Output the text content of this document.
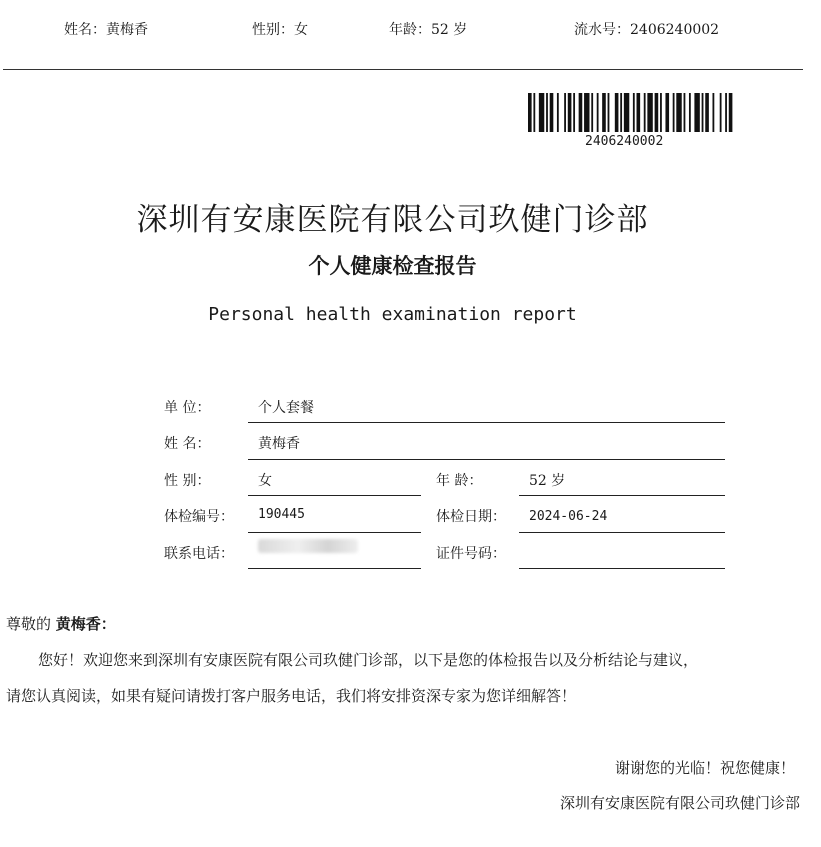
姓名：黄梅香	性别：女	年龄：52 岁	流水号：2406240002
2406240002
深圳有安康医院有限公司玖健门诊部
个人健康检查报告
Personal health examination report
单 位：	个人套餐
姓 名：	黄梅香
性 别：	女	年 龄：	52 岁
体检编号： 190445	体检日期： 2024-06-24
联系电话：	证件号码：
尊敬的 黄梅香：
您好！欢迎您来到深圳有安康医院有限公司玖健门诊部，以下是您的体检报告以及分析结论与建议，
请您认真阅读，如果有疑问请拨打客户服务电话，我们将安排资深专家为您详细解答！
谢谢您的光临！祝您健康！
深圳有安康医院有限公司玖健门诊部
